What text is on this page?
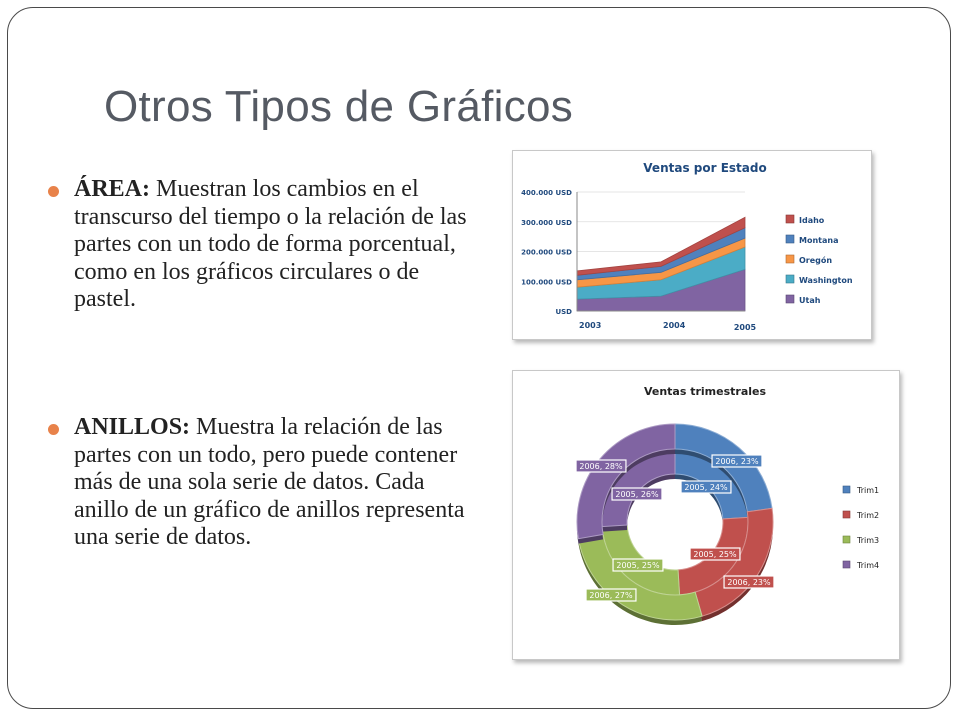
Otros Tipos de Gráficos
ÁREA: Muestran los cambios en el transcurso del tiempo o la relación de las partes con un todo de forma porcentual, como en los gráficos circulares o de pastel.
ANILLOS: Muestra la relación de las partes con un todo, pero puede contener más de una sola serie de datos. Cada anillo de un gráfico de anillos representa una serie de datos.
Ventas por Estado
USD
100.000 USD
200.000 USD
300.000 USD
400.000 USD
2003	2004	2005
Idaho
Montana
Oregón
Washington
Utah
Ventas trimestrales
2005, 24%
2005, 25%
2005, 25%
2005, 26%
2006, 23%
2006, 23%
2006, 27%
2006, 28%
Trim1
Trim2
Trim3
Trim4
